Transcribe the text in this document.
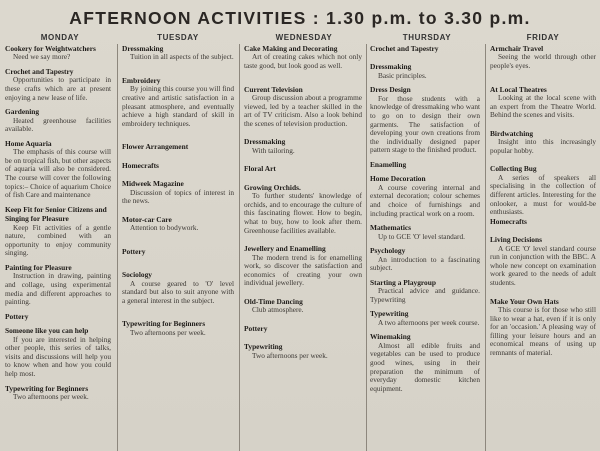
AFTERNOON ACTIVITIES : 1.30 p.m. to 3.30 p.m.
MONDAY	TUESDAY	WEDNESDAY	THURSDAY	FRIDAY
Cookery for Weightwatchers
Need we say more?
Crochet and Tapestry
Opportunities to participate in these crafts which are at present enjoying a new lease of life.
Gardening
Heated greenhouse facilities available.
Home Aquaria
The emphasis of this course will be on tropical fish, but other aspects of aquaria will also be considered. The course will cover the following topics:– Choice of aquarium Choice of fish Care and maintenance
Keep Fit for Senior Citizens and Singing for Pleasure
Keep Fit activities of a gentle nature, combined with an opportunity to enjoy community singing.
Painting for Pleasure
Instruction in drawing, painting and collage, using experimental media and different approaches to painting.
Pottery
Someone like you can help
If you are interested in helping other people, this series of talks, visits and discussions will help you to know when and how you could help most.
Typewriting for Beginners
Two afternoons per week.
Dressmaking
Tuition in all aspects of the subject.
Embroidery
By joining this course you will find creative and artistic satisfaction in a pleasant atmosphere, and eventually achieve a high standard of skill in embroidery techniques.
Flower Arrangement
Homecrafts
Midweek Magazine
Discussion of topics of interest in the news.
Motor-car Care
Attention to bodywork.
Pottery
Sociology
A course geared to 'O' level standard but also to suit anyone with a general interest in the subject.
Typewriting for Beginners
Two afternoons per week.
Cake Making and Decorating
Art of creating cakes which not only taste good, but look good as well.
Current Television
Group discussion about a programme viewed, led by a teacher skilled in the art of TV criticism. Also a look behind the scenes of television production.
Dressmaking
With tailoring.
Floral Art
Growing Orchids.
To further students' knowledge of orchids, and to encourage the culture of this fascinating flower. How to begin, what to buy, how to look after them. Greenhouse facilities available.
Jewellery and Enamelling
The modern trend is for enamelling work, so discover the satisfaction and economics of creating your own individual jewellery.
Old-Time Dancing
Club atmosphere.
Pottery
Typewriting
Two afternoons per week.
Crochet and Tapestry
Dressmaking
Basic principles.
Dress Design
For those students with a knowledge of dressmaking who want to go on to design their own garments. The satisfaction of developing your own creations from the individually designed paper pattern stage to the finished product.
Enamelling
Home Decoration
A course covering internal and external decoration; colour schemes and choice of furnishings and including practical work on a room.
Mathematics
Up to GCE 'O' level standard.
Psychology
An introduction to a fascinating subject.
Starting a Playgroup
Practical advice and guidance. Typewriting
Typewriting
A two afternoons per week course.
Winemaking
Almost all edible fruits and vegetables can be used to produce good wines, using in their preparation the minimum of everyday domestic kitchen equipment.
Armchair Travel
Seeing the world through other people's eyes.
At Local Theatres
Looking at the local scene with an expert from the Theatre World. Behind the scenes and visits.
Birdwatching
Insight into this increasingly popular hobby.
Collecting Bug
A series of speakers all specialising in the collection of different articles. Interesting for the onlooker, a must for would-be enthusiasts.
Homecrafts
Living Decisions
A GCE 'O' level standard course run in conjunction with the BBC. A whole new concept on examination work geared to the needs of adult students.
Make Your Own Hats
This course is for those who still like to wear a hat, even if it is only for an 'occasion.' A pleasing way of filling your leisure hours and an economical means of using up remnants of material.
